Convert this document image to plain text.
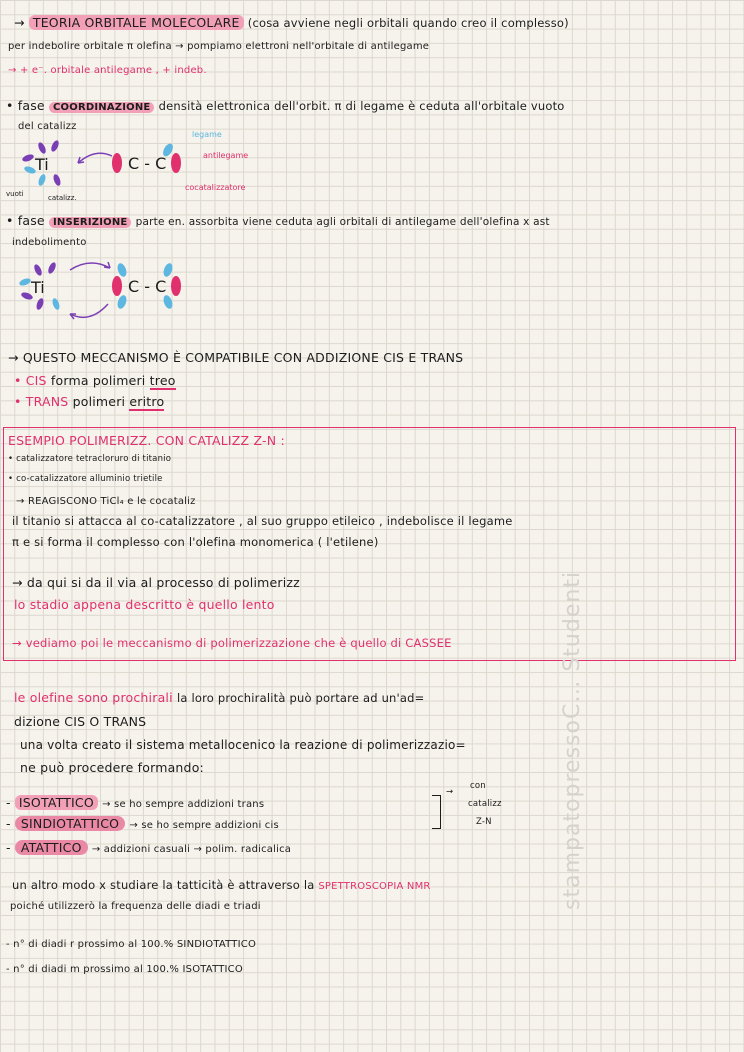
→ TEORIA ORBITALE MOLECOLARE (cosa avviene negli orbitali quando creo il complesso)
per indebolire orbitale π olefina → pompiamo elettroni nell'orbitale di antilegame
→ + e⁻. orbitale antilegame , + indeb.
• fase COORDINAZIONE densità elettronica dell'orbit. π di legame è ceduta all'orbitale vuoto
del catalizz
Ti
vuoti	catalizz.
C - C
legame
antilegame
cocatalizzatore
• fase INSERIZIONE parte en. assorbita viene ceduta agli orbitali di antilegame dell'olefina x ast
indebolimento
Ti	C - C
→ QUESTO MECCANISMO È COMPATIBILE CON ADDIZIONE CIS E TRANS
• CIS forma polimeri treo
• TRANS polimeri eritro
ESEMPIO POLIMERIZZ. CON CATALIZZ Z-N :
• catalizzatore tetracloruro di titanio
• co-catalizzatore alluminio trietile
→ REAGISCONO TiCl₄ e le cocataliz
il titanio si attacca al co-catalizzatore , al suo gruppo etileico , indebolisce il legame
π e si forma il complesso con l'olefina monomerica ( l'etilene)
→ da qui si da il via al processo di polimerizz
lo stadio appena descritto è quello lento
→ vediamo poi le meccanismo di polimerizzazione che è quello di CASSEE
le olefine sono prochirali la loro prochiralità può portare ad un'ad=
dizione CIS O TRANS
una volta creato il sistema metallocenico la reazione di polimerizzazio=
ne può procedere formando:
- ISOTATTICO → se ho sempre addizioni trans
- SINDIOTATTICO → se ho sempre addizioni cis
→
con
catalizz
Z-N
- ATATTICO → addizioni casuali → polim. radicalica
un altro modo x studiare la tatticità è attraverso la SPETTROSCOPIA NMR
poiché utilizzerò la frequenza delle diadi e triadi
- n° di diadi r prossimo al 100.% SINDIOTATTICO
- n° di diadi m prossimo al 100.% ISOTATTICO
stampatopressoC… Studenti
